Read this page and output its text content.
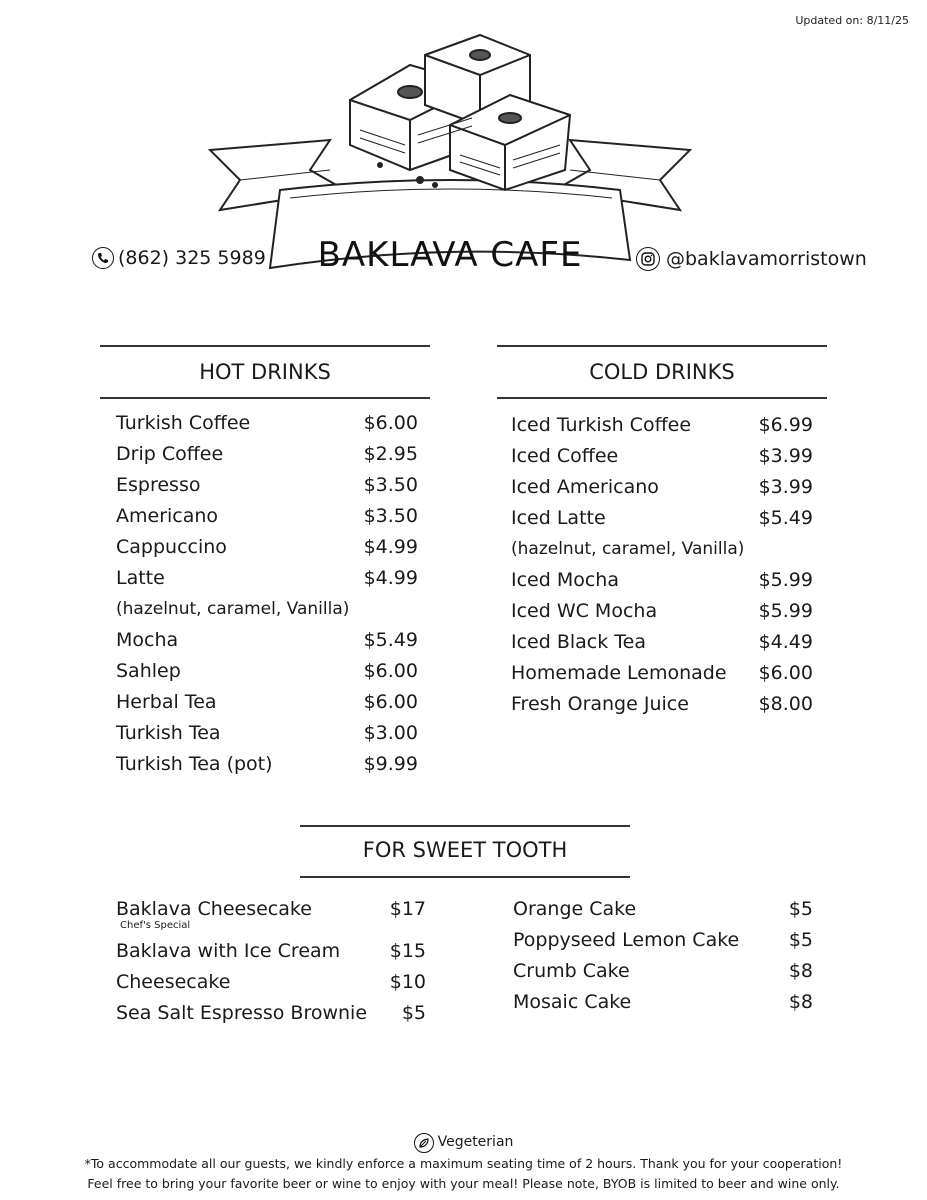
Updated on: 8/11/25
BAKLAVA CAFE
(862) 325 5989	@baklavamorristown
HOT DRINKS
Turkish Coffee	$6.00
Drip Coffee	$2.95
Espresso	$3.50
Americano	$3.50
Cappuccino	$4.99
Latte	$4.99
(hazelnut, caramel, Vanilla)
Mocha	$5.49
Sahlep	$6.00
Herbal Tea	$6.00
Turkish Tea	$3.00
Turkish Tea (pot)	$9.99
COLD DRINKS
Iced Turkish Coffee	$6.99
Iced Coffee	$3.99
Iced Americano	$3.99
Iced Latte	$5.49
(hazelnut, caramel, Vanilla)
Iced Mocha	$5.99
Iced WC Mocha	$5.99
Iced Black Tea	$4.49
Homemade Lemonade $6.00
Fresh Orange Juice	$8.00
FOR SWEET TOOTH
Baklava Cheesecake	$17
Chef's Special
Baklava with Ice Cream	$15
Cheesecake	$10
Sea Salt Espresso Brownie $5
Orange Cake	$5
Poppyseed Lemon Cake	$5
Crumb Cake	$8
Mosaic Cake	$8
Vegeterian
*To accommodate all our guests, we kindly enforce a maximum seating time of 2 hours. Thank you for your cooperation!
Feel free to bring your favorite beer or wine to enjoy with your meal! Please note, BYOB is limited to beer and wine only.
